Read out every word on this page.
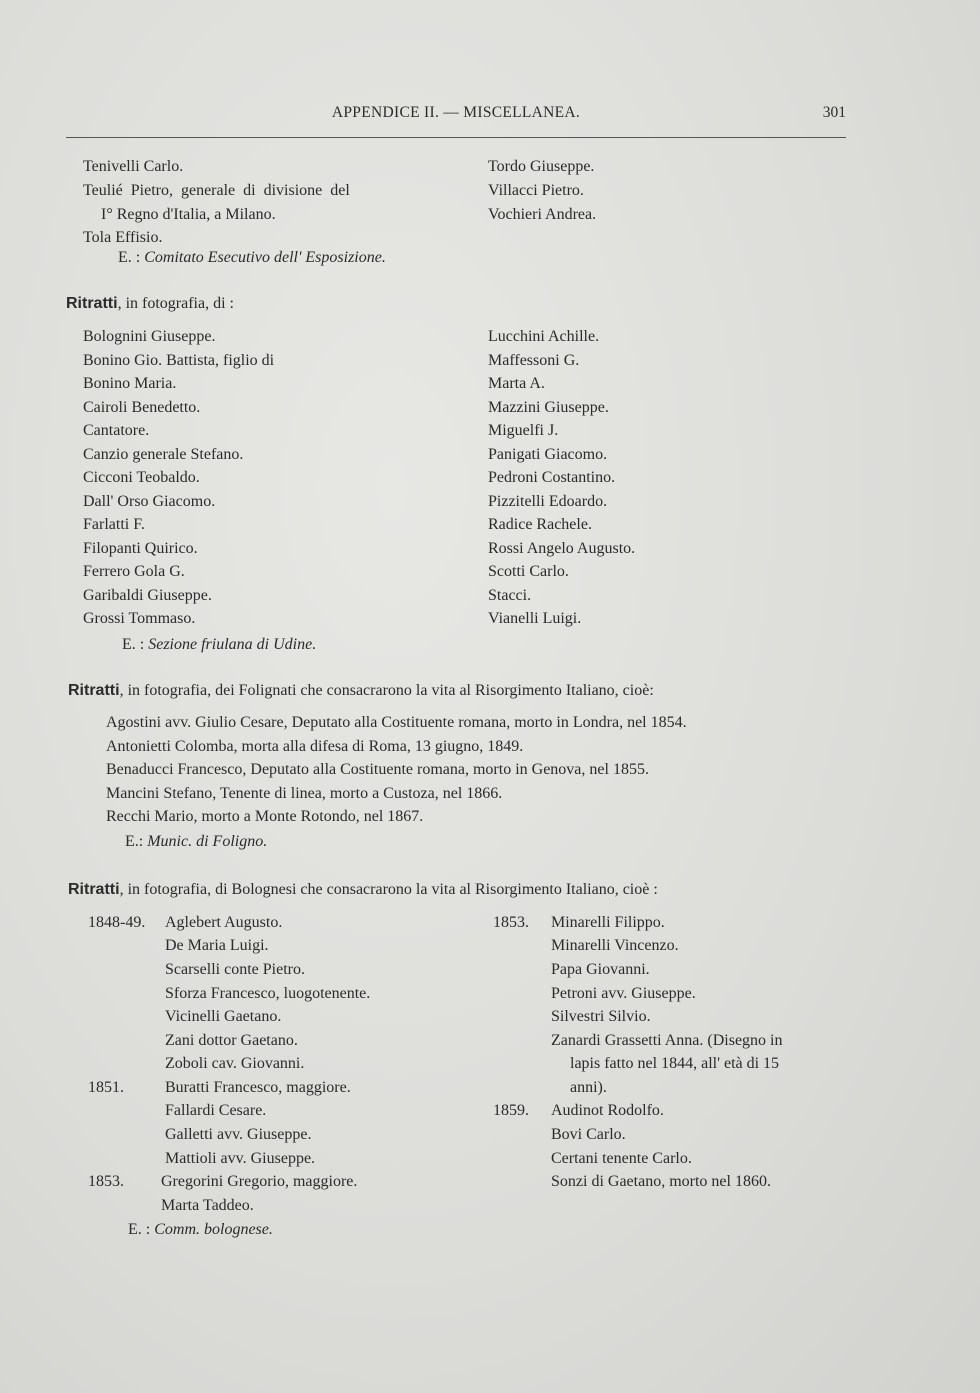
APPENDICE II. — MISCELLANEA.	301
Tenivelli Carlo.
Teulié Pietro, generale di divisione del
I° Regno d'Italia, a Milano.
Tola Effisio.
E. : Comitato Esecutivo dell' Esposizione.
Tordo Giuseppe.
Villacci Pietro.
Vochieri Andrea.
Ritratti, in fotografia, di :
Bolognini Giuseppe.
Bonino Gio. Battista, figlio di
Bonino Maria.
Cairoli Benedetto.
Cantatore.
Canzio generale Stefano.
Cicconi Teobaldo.
Dall' Orso Giacomo.
Farlatti F.
Filopanti Quirico.
Ferrero Gola G.
Garibaldi Giuseppe.
Grossi Tommaso.
E. : Sezione friulana di Udine.
Lucchini Achille.
Maffessoni G.
Marta A.
Mazzini Giuseppe.
Miguelfi J.
Panigati Giacomo.
Pedroni Costantino.
Pizzitelli Edoardo.
Radice Rachele.
Rossi Angelo Augusto.
Scotti Carlo.
Stacci.
Vianelli Luigi.
Ritratti, in fotografia, dei Folignati che consacrarono la vita al Risorgimento Italiano, cioè:
Agostini avv. Giulio Cesare, Deputato alla Costituente romana, morto in Londra, nel 1854.
Antonietti Colomba, morta alla difesa di Roma, 13 giugno, 1849.
Benaducci Francesco, Deputato alla Costituente romana, morto in Genova, nel 1855.
Mancini Stefano, Tenente di linea, morto a Custoza, nel 1866.
Recchi Mario, morto a Monte Rotondo, nel 1867.
E.: Munic. di Foligno.
Ritratti, in fotografia, di Bolognesi che consacrarono la vita al Risorgimento Italiano, cioè :
1848-49.
1851.
1853.
Aglebert Augusto.
De Maria Luigi.
Scarselli conte Pietro.
Sforza Francesco, luogotenente.
Vicinelli Gaetano.
Zani dottor Gaetano.
Zoboli cav. Giovanni.
Buratti Francesco, maggiore.
Fallardi Cesare.
Galletti avv. Giuseppe.
Mattioli avv. Giuseppe.
Gregorini Gregorio, maggiore.
Marta Taddeo.
E. : Comm. bolognese.
1853.
1859.
Minarelli Filippo.
Minarelli Vincenzo.
Papa Giovanni.
Petroni avv. Giuseppe.
Silvestri Silvio.
Zanardi Grassetti Anna. (Disegno in
lapis fatto nel 1844, all' età di 15
anni).
Audinot Rodolfo.
Bovi Carlo.
Certani tenente Carlo.
Sonzi di Gaetano, morto nel 1860.
